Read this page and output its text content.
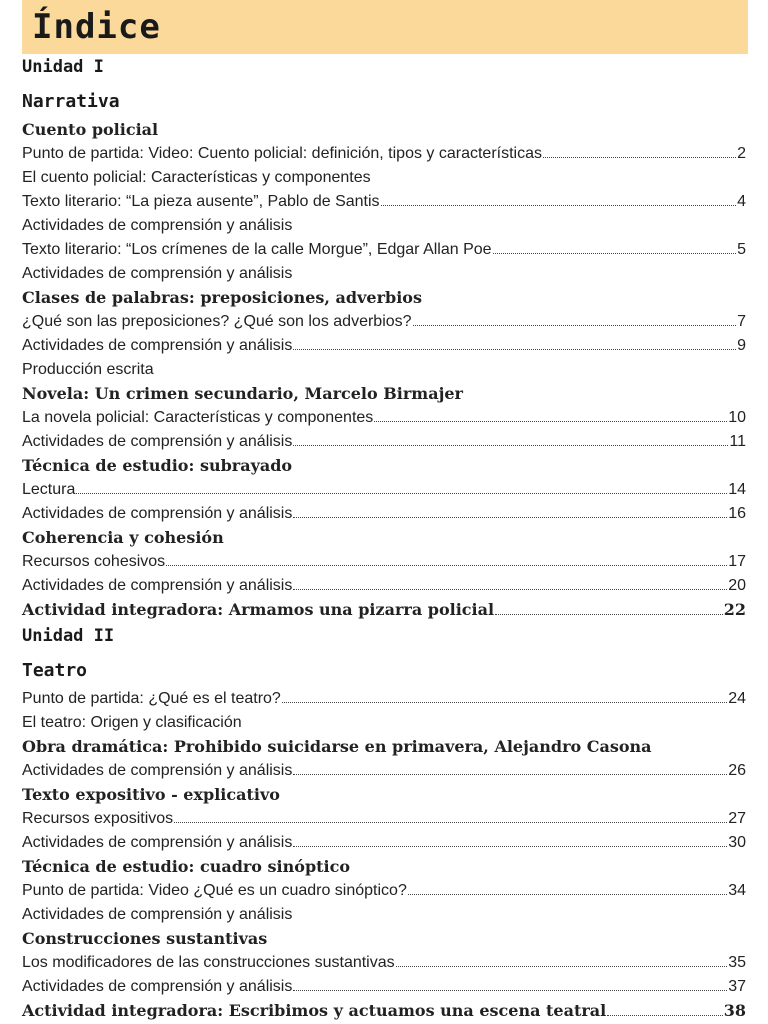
Índice
Unidad I
Narrativa
Cuento policial
Punto de partida: Video: Cuento policial: definición, tipos y características	2
El cuento policial: Características y componentes
Texto literario: “La pieza ausente”, Pablo de Santis	4
Actividades de comprensión y análisis
Texto literario: “Los crímenes de la calle Morgue”, Edgar Allan Poe	5
Actividades de comprensión y análisis
Clases de palabras: preposiciones, adverbios
¿Qué son las preposiciones? ¿Qué son los adverbios?	7
Actividades de comprensión y análisis	9
Producción escrita
Novela: Un crimen secundario, Marcelo Birmajer
La novela policial: Características y componentes	10
Actividades de comprensión y análisis	11
Técnica de estudio: subrayado
Lectura	14
Actividades de comprensión y análisis	16
Coherencia y cohesión
Recursos cohesivos	17
Actividades de comprensión y análisis	20
Actividad integradora: Armamos una pizarra policial	22
Unidad II
Teatro
Punto de partida: ¿Qué es el teatro?	24
El teatro: Origen y clasificación
Obra dramática: Prohibido suicidarse en primavera, Alejandro Casona
Actividades de comprensión y análisis	26
Texto expositivo - explicativo
Recursos expositivos	27
Actividades de comprensión y análisis	30
Técnica de estudio: cuadro sinóptico
Punto de partida: Video ¿Qué es un cuadro sinóptico?	34
Actividades de comprensión y análisis
Construcciones sustantivas
Los modificadores de las construcciones sustantivas	35
Actividades de comprensión y análisis	37
Actividad integradora: Escribimos y actuamos una escena teatral	38
